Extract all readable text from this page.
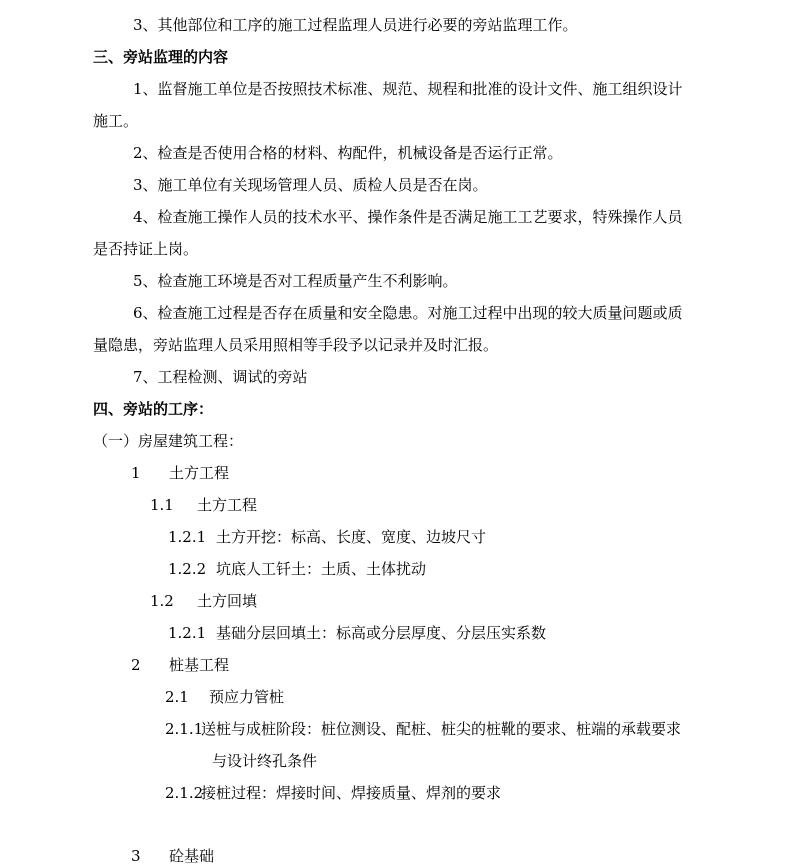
3、其他部位和工序的施工过程监理人员进行必要的旁站监理工作。
三、旁站监理的内容
1、监督施工单位是否按照技术标准、规范、规程和批准的设计文件、施工组织设计
施工。
2、检查是否使用合格的材料、构配件，机械设备是否运行正常。
3、施工单位有关现场管理人员、质检人员是否在岗。
4、检查施工操作人员的技术水平、操作条件是否满足施工工艺要求，特殊操作人员
是否持证上岗。
5、检查施工环境是否对工程质量产生不利影响。
6、检查施工过程是否存在质量和安全隐患。对施工过程中出现的较大质量问题或质
量隐患，旁站监理人员采用照相等手段予以记录并及时汇报。
7、工程检测、调试的旁站
四、旁站的工序：
（一）房屋建筑工程：
1 土方工程
1.1 土方工程
1.2.1 土方开挖：标高、长度、宽度、边坡尺寸
1.2.2 坑底人工钎土：土质、土体扰动
1.2 土方回填
1.2.1 基础分层回填土：标高或分层厚度、分层压实系数
2 桩基工程
2.1 预应力管桩
2.1.1送桩与成桩阶段：桩位测设、配桩、桩尖的桩靴的要求、桩端的承载要求
与设计终孔条件
2.1.2接桩过程：焊接时间、焊接质量、焊剂的要求
3 砼基础
